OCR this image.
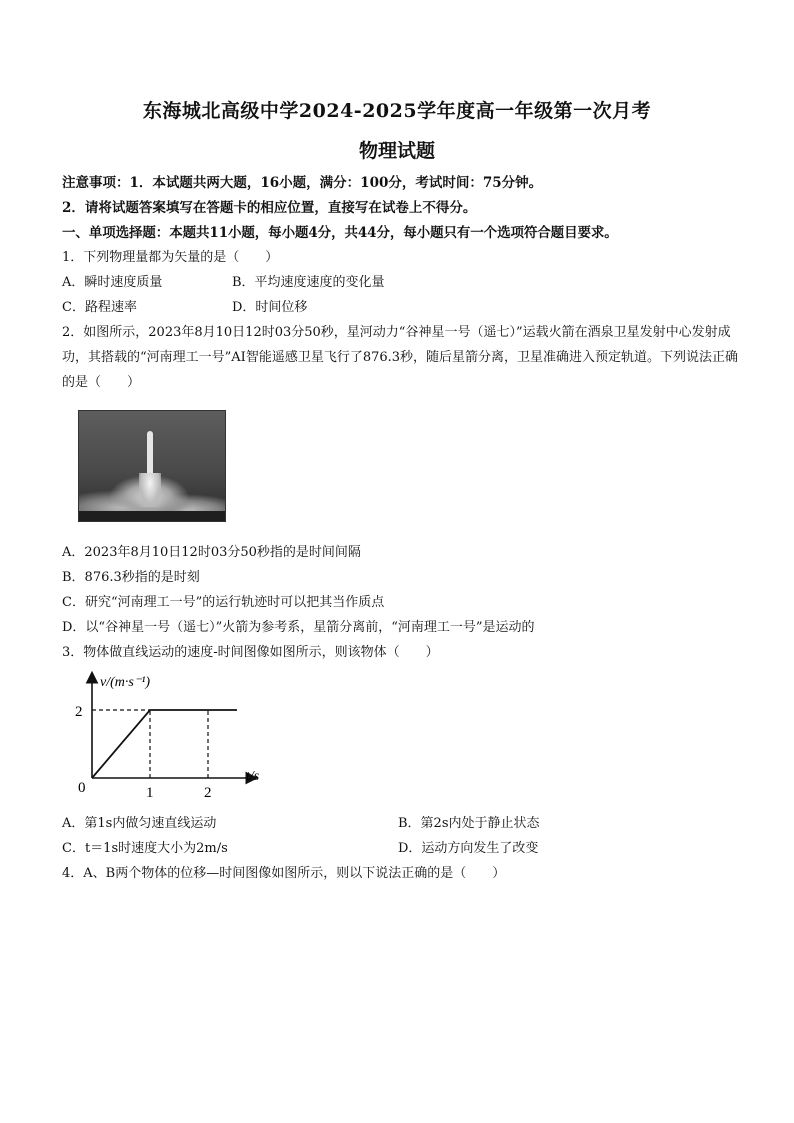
东海城北高级中学2024-2025学年度高一年级第一次月考
物理试题
注意事项：1．本试题共两大题，16小题，满分：100分，考试时间：75分钟。
2．请将试题答案填写在答题卡的相应位置，直接写在试卷上不得分。
一、单项选择题：本题共11小题，每小题4分，共44分，每小题只有一个选项符合题目要求。
1．下列物理量都为矢量的是（　　）
A．瞬时速度质量	B．平均速度速度的变化量
C．路程速率	D．时间位移
2．如图所示，2023年8月10日12时03分50秒，星河动力“谷神星一号（遥七）”运载火箭在酒泉卫星发射中心发射成功，其搭载的“河南理工一号”AI智能遥感卫星飞行了876.3秒，随后星箭分离，卫星准确进入预定轨道。下列说法正确的是（　　）
A．2023年8月10日12时03分50秒指的是时间间隔
B．876.3秒指的是时刻
C．研究“河南理工一号”的运行轨迹时可以把其当作质点
D．以“谷神星一号（遥七）”火箭为参考系，星箭分离前，“河南理工一号”是运动的
3．物体做直线运动的速度-时间图像如图所示，则该物体（　　）
v/(m·s⁻¹)
t/s
0	1	2
2
A．第1s内做匀速直线运动	B．第2s内处于静止状态
C．t＝1s时速度大小为2m/s	D．运动方向发生了改变
4．A、B两个物体的位移—时间图像如图所示，则以下说法正确的是（　　）
